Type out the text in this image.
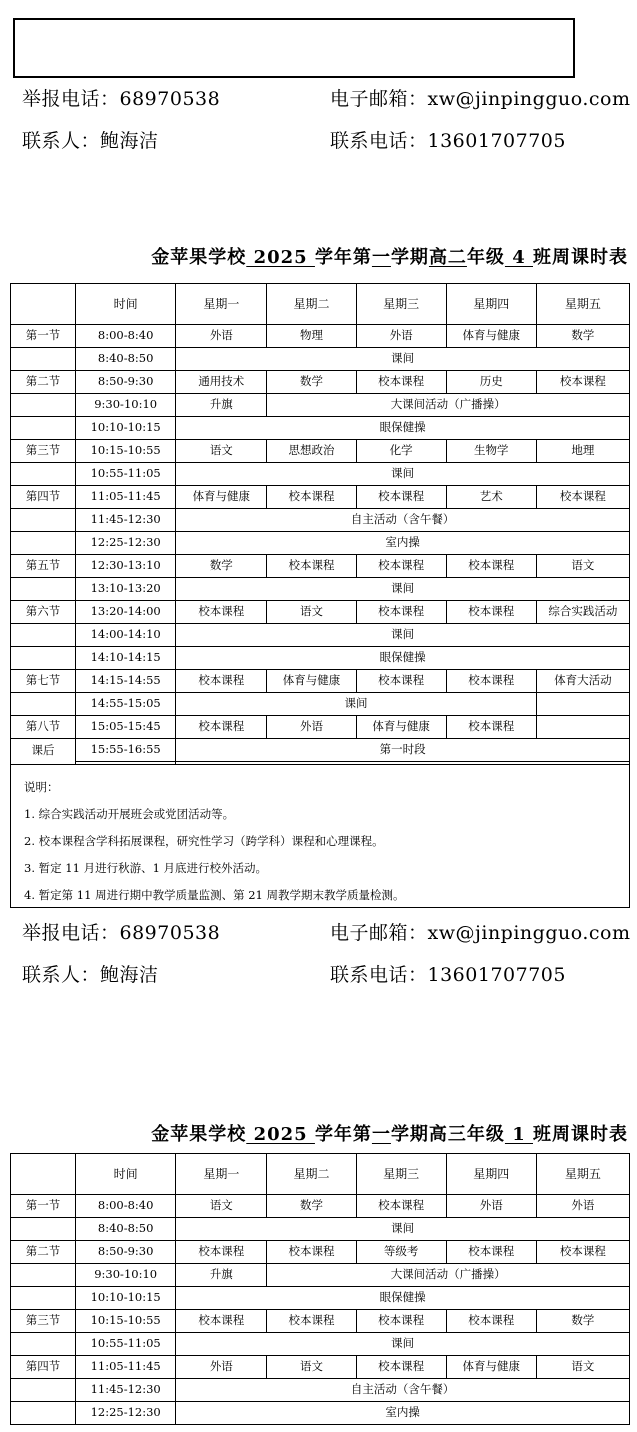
举报电话：68970538	电子邮箱：xw@jinpingguo.com
联系人：鲍海洁	联系电话：13601707705
金苹果学校 2025 学年第一学期高二年级 4 班周课时表
	时间	星期一	星期二	星期三	星期四	星期五
第一节	8:00-8:40	外语	物理	外语	体育与健康	数学
	8:40-8:50	课间				
第二节	8:50-9:30	通用技术	数学	校本课程	历史	校本课程
	9:30-10:10	升旗	大课间活动（广播操）			
	10:10-10:15	眼保健操				
第三节	10:15-10:55	语文	思想政治	化学	生物学	地理
	10:55-11:05	课间				
第四节	11:05-11:45	体育与健康	校本课程	校本课程	艺术	校本课程
	11:45-12:30	自主活动（含午餐）				
	12:25-12:30	室内操				
第五节	12:30-13:10	数学	校本课程	校本课程	校本课程	语文
	13:10-13:20	课间				
第六节	13:20-14:00	校本课程	语文	校本课程	校本课程	综合实践活动
	14:00-14:10	课间				
	14:10-14:15	眼保健操				
第七节	14:15-14:55	校本课程	体育与健康	校本课程	校本课程	体育大活动
	14:55-15:05	课间				
第八节	15:05-15:45	校本课程	外语	体育与健康	校本课程	
课后	15:55-16:55	第一时段				

说明：
1. 综合实践活动开展班会或党团活动等。
2. 校本课程含学科拓展课程，研究性学习（跨学科）课程和心理课程。
3. 暂定 11 月进行秋游、1 月底进行校外活动。
4. 暂定第 11 周进行期中教学质量监测、第 21 周教学期末教学质量检测。
举报电话：68970538	电子邮箱：xw@jinpingguo.com
联系人：鲍海洁	联系电话：13601707705
金苹果学校 2025 学年第一学期高三年级 1 班周课时表
	时间	星期一	星期二	星期三	星期四	星期五
第一节	8:00-8:40	语文	数学	校本课程	外语	外语
	8:40-8:50	课间				
第二节	8:50-9:30	校本课程	校本课程	等级考	校本课程	校本课程
	9:30-10:10	升旗	大课间活动（广播操）			
	10:10-10:15	眼保健操				
第三节	10:15-10:55	校本课程	校本课程	校本课程	校本课程	数学
	10:55-11:05	课间				
第四节	11:05-11:45	外语	语文	校本课程	体育与健康	语文
	11:45-12:30	自主活动（含午餐）				
	12:25-12:30	室内操				
